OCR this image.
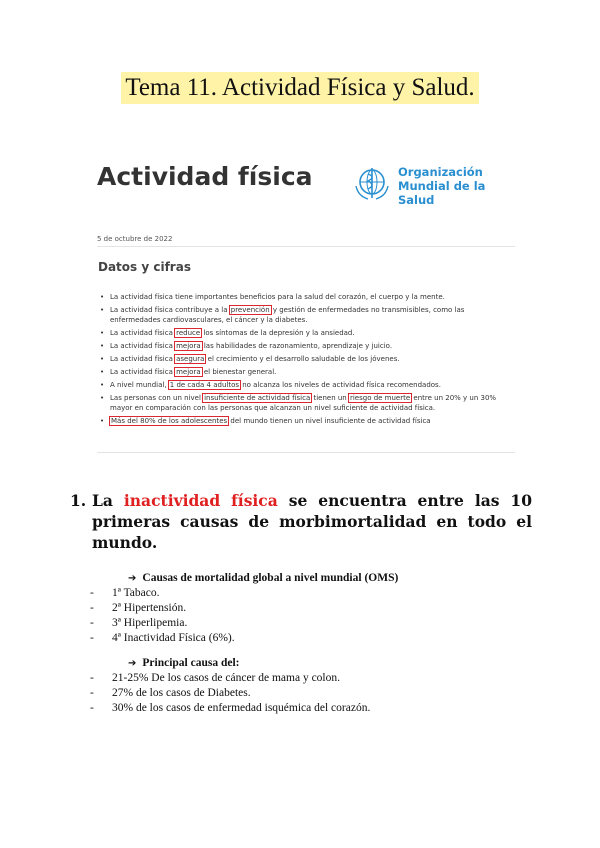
Tema 11. Actividad Física y Salud.
Actividad física	Organización
Mundial de la Salud
5 de octubre de 2022
Datos y cifras
• La actividad física tiene importantes beneficios para la salud del corazón, el cuerpo y la mente.
• La actividad física contribuye a la prevención y gestión de enfermedades no transmisibles, como las enfermedades cardiovasculares, el cáncer y la diabetes.
• La actividad física reduce los síntomas de la depresión y la ansiedad.
• La actividad física mejora las habilidades de razonamiento, aprendizaje y juicio.
• La actividad física asegura el crecimiento y el desarrollo saludable de los jóvenes.
• La actividad física mejora el bienestar general.
• A nivel mundial, 1 de cada 4 adultos no alcanza los niveles de actividad física recomendados.
• Las personas con un nivel insuficiente de actividad física tienen un riesgo de muerte entre un 20% y un 30% mayor en comparación con las personas que alcanzan un nivel suficiente de actividad física.
• Más del 80% de los adolescentes del mundo tienen un nivel insuficiente de actividad física
1. La inactividad física se encuentra entre las 10 primeras causas de morbimortalidad en todo el mundo.
➔ Causas de mortalidad global a nivel mundial (OMS)
- 1ª Tabaco.
- 2ª Hipertensión.
- 3ª Hiperlipemia.
- 4ª Inactividad Física (6%).
➔ Principal causa del:
- 21-25% De los casos de cáncer de mama y colon.
- 27% de los casos de Diabetes.
- 30% de los casos de enfermedad isquémica del corazón.
